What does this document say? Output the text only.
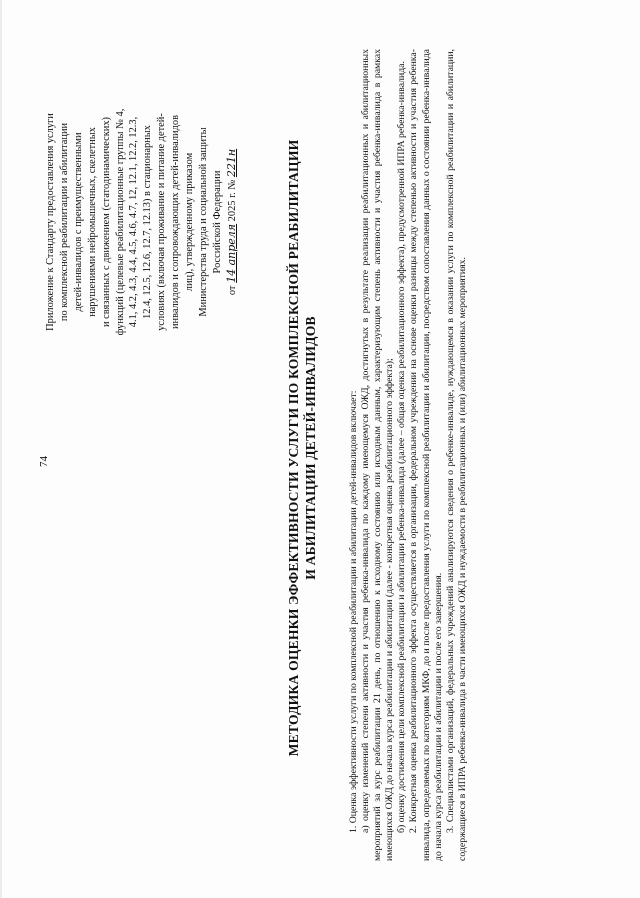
74
Приложение к Стандарту предоставления услуги по комплексной реабилитации и абилитации детей-инвалидов с преимущественными нарушениями нейромышечных, скелетных и связанных с движением (статодинамических) функций (целевые реабилитационные группы № 4, 4.1, 4.2, 4.3, 4.4, 4.5, 4.6, 4.7, 12, 12.1, 12.2, 12.3, 12.4, 12.5, 12.6, 12.7, 12.13) в стационарных условиях (включая проживание и питание детей- инвалидов и сопровождающих детей-инвалидов лиц), утвержденному приказом Министерства труда и социальной защиты Российской Федерации
от 14 апреля 2025 г. № 221н	МЕТОДИКА ОЦЕНКИ ЭФФЕКТИВНОСТИ УСЛУГИ ПО КОМПЛЕКСНОЙ РЕАБИЛИТАЦИИ И АБИЛИТАЦИИ ДЕТЕЙ-ИНВАЛИДОВ	1. Оценка эффективности услуги по комплексной реабилитации и абилитации детей-инвалидов включает: а) оценку изменений степени активности и участия ребенка-инвалида по каждому имеющемуся ОЖД, достигнутых в результате реализации реабилитационных и абилитационных мероприятий за курс реабилитации 21 день, по отношению к исходному состоянию или исходным данным, характеризующим степень активности и участия ребенка-инвалида в рамках имеющихся ОЖД до начала курса реабилитации и абилитации (далее - конкретная оценка реабилитационного эффекта); б) оценку достижения цели комплексной реабилитации и абилитации ребенка-инвалида (далее – общая оценка реабилитационного эффекта), предусмотренной ИПРА ребенка-инвалида. 2. Конкретная оценка реабилитационного эффекта осуществляется в организации, федеральном учреждении на основе оценки разницы между степенью активности и участия ребенка-инвалида, определяемых по категориям МКФ, до и после предоставления услуги по комплексной реабилитации и абилитации, посредством сопоставления данных о состоянии ребенка-инвалида до начала курса реабилитации и абилитации и после его завершения. 3. Специалистами организаций, федеральных учреждений анализируются сведения о ребенке-инвалиде, нуждающемся в оказании услуги по комплексной реабилитации и абилитации, содержащиеся в ИПРА ребенка-инвалида в части имеющихся ОЖД и нуждаемости в реабилитационных и (или) абилитационных мероприятиях.
